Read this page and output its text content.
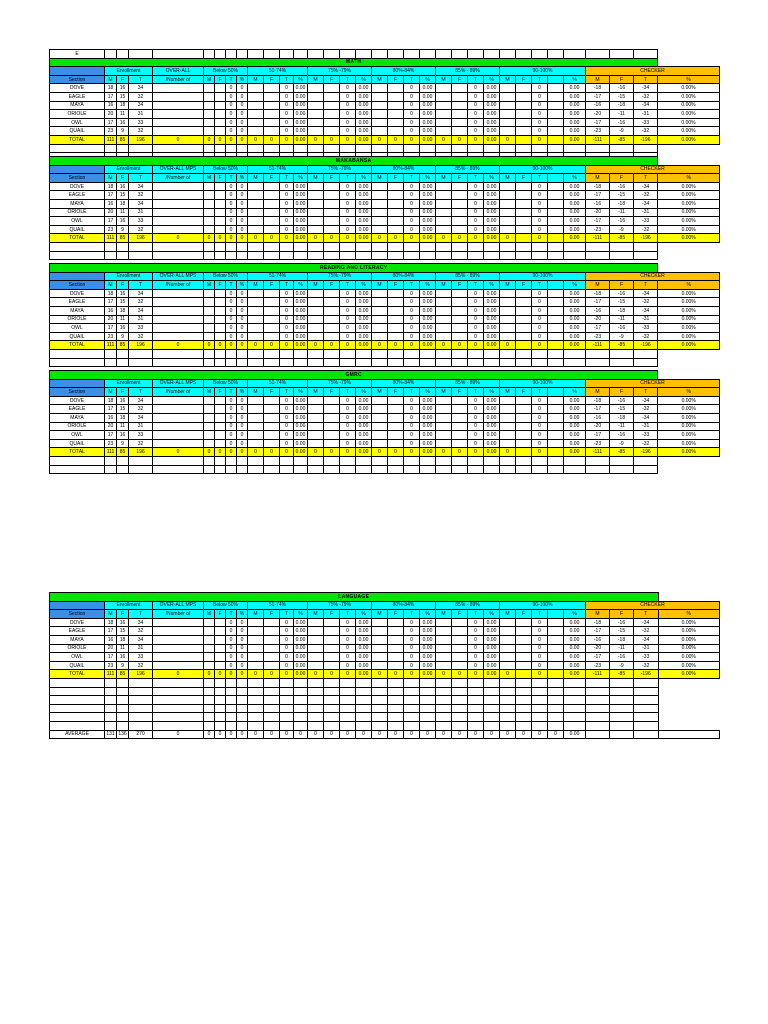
E																																	
MATH																																	
	Enrollment			OVER-ALL	Below 50%				51-74%				75% -79%				80%-84%				85% - 89%				90-100%					CHECKER			
Section	M	F	T	/Number of	M	F	T	%	M	F	T	%	M	F	T	%	M	F	T	%	M	F	T	%	M	F	T		%	M	F	T	%
DOVE	18	16	34				0	0			0	0.00			0	0.00			0	0.00			0	0.00			0		0.00	-18	-16	-34	0.00%
EAGLE	17	15	32				0	0			0	0.00			0	0.00			0	0.00			0	0.00			0		0.00	-17	-15	-32	0.00%
MAYA	16	18	34				0	0			0	0.00			0	0.00			0	0.00			0	0.00			0		0.00	-16	-18	-34	0.00%
ORIOLE	20	11	31				0	0			0	0.00			0	0.00			0	0.00			0	0.00			0		0.00	-20	-11	-31	0.00%
OWL	17	16	33				0	0			0	0.00			0	0.00			0	0.00			0	0.00			0		0.00	-17	-16	-33	0.00%
QUAIL	23	9	32				0	0			0	0.00			0	0.00			0	0.00			0	0.00			0		0.00	-23	-9	-32	0.00%
TOTAL	111	85	196	0	0	0	0	0	0	0	0	0.00	0	0	0	0.00	0	0	0	0.00	0	0	0	0.00	0		0		0.00	-111	-85	-196	0.00%

MAKABANSA																																	
	Enrollment			OVER-ALL MPS	Below 50%				51-74%				75% -79%				80%-84%				85% - 89%				90-100%					CHECKER			
Section	M	F	T	/Number of	M	F	T	%	M	F	T	%	M	F	T	%	M	F	T	%	M	F	T	%	M	F	T		%	M	F	T	%
DOVE	18	16	34				0	0			0	0.00			0	0.00			0	0.00			0	0.00			0		0.00	-18	-16	-34	0.00%
EAGLE	17	15	32				0	0			0	0.00			0	0.00			0	0.00			0	0.00			0		0.00	-17	-15	-32	0.00%
MAYA	16	18	34				0	0			0	0.00			0	0.00			0	0.00			0	0.00			0		0.00	-16	-18	-34	0.00%
ORIOLE	20	11	31				0	0			0	0.00			0	0.00			0	0.00			0	0.00			0		0.00	-20	-11	-31	0.00%
OWL	17	16	33				0	0			0	0.00			0	0.00			0	0.00			0	0.00			0		0.00	-17	-16	-33	0.00%
QUAIL	23	9	32				0	0			0	0.00			0	0.00			0	0.00			0	0.00			0		0.00	-23	-9	-32	0.00%
TOTAL	111	85	196	0	0	0	0	0	0	0	0	0.00	0	0	0	0.00	0	0	0	0.00	0	0	0	0.00	0		0		0.00	-111	-85	-196	0.00%

READING AND LITERACY																																	
	Enrollment			OVER-ALL MPS	Below 50%				51-74%				75% -79%				80%-84%				85% - 89%				90-100%					CHECKER			
Section	M	F	T	/Number of	M	F	T	%	M	F	T	%	M	F	T	%	M	F	T	%	M	F	T	%	M	F	T		%	M	F	T	%
DOVE	18	16	34				0	0			0	0.00			0	0.00			0	0.00			0	0.00			0		0.00	-18	-16	-34	0.00%
EAGLE	17	15	32				0	0			0	0.00			0	0.00			0	0.00			0	0.00			0		0.00	-17	-15	-32	0.00%
MAYA	16	18	34				0	0			0	0.00			0	0.00			0	0.00			0	0.00			0		0.00	-16	-18	-34	0.00%
ORIOLE	20	11	31				0	0			0	0.00			0	0.00			0	0.00			0	0.00			0		0.00	-20	-11	-31	0.00%
OWL	17	16	33				0	0			0	0.00			0	0.00			0	0.00			0	0.00			0		0.00	-17	-16	-33	0.00%
QUAIL	23	9	32				0	0			0	0.00			0	0.00			0	0.00			0	0.00			0		0.00	-23	-9	-32	0.00%
TOTAL	111	85	196	0	0	0	0	0	0	0	0	0.00	0	0	0	0.00	0	0	0	0.00	0	0	0	0.00	0		0		0.00	-111	-85	-196	0.00%

GMRC																																	
	Enrollment			OVER-ALL MPS	Below 50%				51-74%				75% -79%				80%-84%				85% - 89%				90-100%					CHECKER			
Section	M	F	T	/Number of	M	F	T	%	M	F	T	%	M	F	T	%	M	F	T	%	M	F	T	%	M	F	T		%	M	F	T	%
DOVE	18	16	34				0	0			0	0.00			0	0.00			0	0.00			0	0.00			0		0.00	-18	-16	-34	0.00%
EAGLE	17	15	32				0	0			0	0.00			0	0.00			0	0.00			0	0.00			0		0.00	-17	-15	-32	0.00%
MAYA	16	18	34				0	0			0	0.00			0	0.00			0	0.00			0	0.00			0		0.00	-16	-18	-34	0.00%
ORIOLE	20	11	31				0	0			0	0.00			0	0.00			0	0.00			0	0.00			0		0.00	-20	-11	-31	0.00%
OWL	17	16	33				0	0			0	0.00			0	0.00			0	0.00			0	0.00			0		0.00	-17	-16	-33	0.00%
QUAIL	23	9	32				0	0			0	0.00			0	0.00			0	0.00			0	0.00			0		0.00	-23	-9	-32	0.00%
TOTAL	111	85	196	0	0	0	0	0	0	0	0	0.00	0	0	0	0.00	0	0	0	0.00	0	0	0	0.00	0		0		0.00	-111	-85	-196	0.00%

LANGUAGE																																	
	Enrollment			OVER-ALL MPS	Below 50%				51-74%				75% -79%				80%-84%				85% - 89%				90-100%					CHECKER			
Section	M	F	T	/Number of	M	F	T	%	M	F	T	%	M	F	T	%	M	F	T	%	M	F	T	%	M	F	T		%	M	F	T	%
DOVE	18	16	34				0	0			0	0.00			0	0.00			0	0.00			0	0.00			0		0.00	-18	-16	-34	0.00%
EAGLE	17	15	32				0	0			0	0.00			0	0.00			0	0.00			0	0.00			0		0.00	-17	-15	-32	0.00%
MAYA	16	18	34				0	0			0	0.00			0	0.00			0	0.00			0	0.00			0		0.00	-16	-18	-34	0.00%
ORIOLE	20	11	31				0	0			0	0.00			0	0.00			0	0.00			0	0.00			0		0.00	-20	-11	-31	0.00%
OWL	17	16	33				0	0			0	0.00			0	0.00			0	0.00			0	0.00			0		0.00	-17	-16	-33	0.00%
QUAIL	23	9	32				0	0			0	0.00			0	0.00			0	0.00			0	0.00			0		0.00	-23	-9	-32	0.00%
TOTAL	111	85	196	0	0	0	0	0	0	0	0	0.00	0	0	0	0.00	0	0	0	0.00	0	0	0	0.00	0		0		0.00	-111	-85	-196	0.00%

AVERAGE	131	136	270	0	0	0	0	0	0	0	0	0	0	0	0	0	0	0	0	0	0	0	0	0	0	0	0	0	0.00				
